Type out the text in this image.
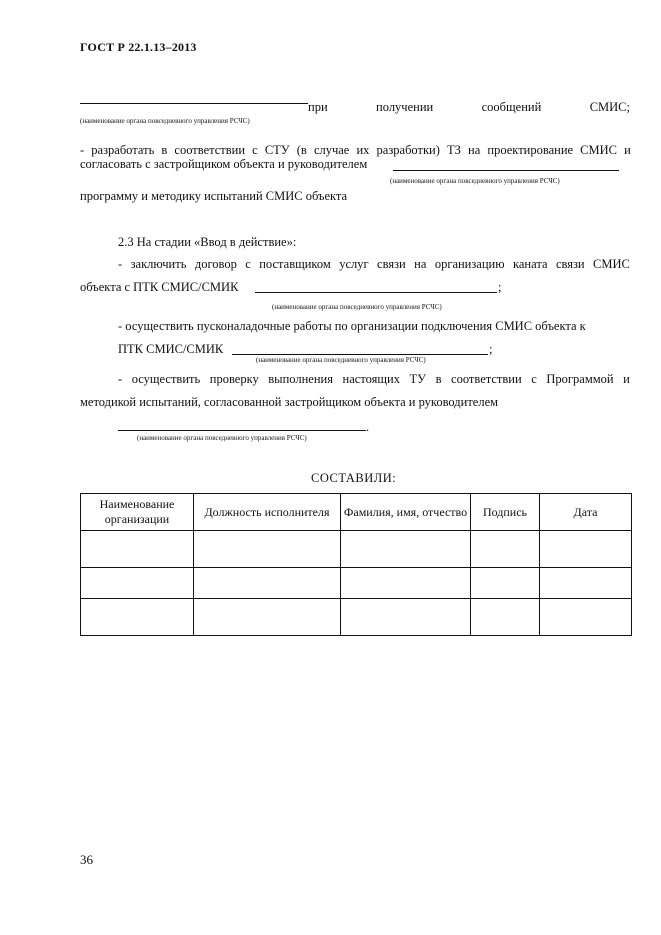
ГОСТ Р 22.1.13–2013
при	получении	сообщений	СМИС;
(наименование органа повседневного управления РСЧС)
- разработать в соответствии с СТУ (в случае их разработки) ТЗ на проектирование СМИС и
согласовать с застройщиком объекта и руководителем
(наименование органа повседневного управления РСЧС)
программу и методику испытаний СМИС объекта
2.3 На стадии «Ввод в действие»:
- заключить договор с поставщиком услуг связи на организацию каната связи СМИС
объекта с ПТК СМИС/СМИК	;
(наименование органа повседневного управления РСЧС)
- осуществить пусконаладочные работы по организации подключения СМИС объекта к
ПТК СМИС/СМИК	;
(наименование органа повседневного управления РСЧС)
- осуществить проверку выполнения настоящих ТУ в соответствии с Программой и
методикой испытаний, согласованной застройщиком объекта и руководителем
.
(наименование органа повседневного управления РСЧС)
СОСТАВИЛИ:
Наименование организации	Должность исполнителя	Фамилия, имя, отчество	Подпись	Дата

36
